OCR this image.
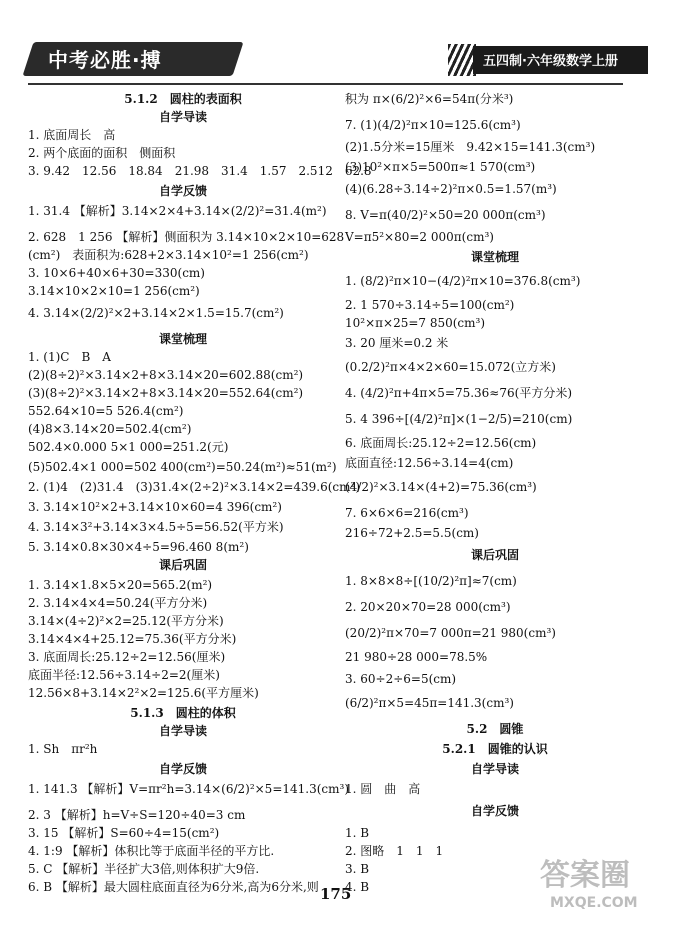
中考必胜·搏	五四制·六年级数学上册
5.1.2　圆柱的表面积
自学导读
1. 底面周长　高
2. 两个底面的面积　侧面积
3. 9.42　12.56　18.84　21.98　31.4　1.57　2.512　62.8
自学反馈
1. 31.4 【解析】3.14×2×4+3.14×(2/2)²=31.4(m²)
2. 628　1 256 【解析】侧面积为 3.14×10×2×10=628
(cm²)　表面积为:628+2×3.14×10²=1 256(cm²)
3. 10×6+40×6+30=330(cm)
3.14×10×2×10=1 256(cm²)
4. 3.14×(2/2)²×2+3.14×2×1.5=15.7(cm²)
课堂梳理
1. (1)C　B　A
(2)(8÷2)²×3.14×2+8×3.14×20=602.88(cm²)
(3)(8÷2)²×3.14×2+8×3.14×20=552.64(cm²)
552.64×10=5 526.4(cm²)
(4)8×3.14×20=502.4(cm²)
502.4×0.000 5×1 000=251.2(元)
(5)502.4×1 000=502 400(cm²)=50.24(m²)≈51(m²)
2. (1)4　(2)31.4　(3)31.4×(2÷2)²×3.14×2=439.6(cm²)
3. 3.14×10²×2+3.14×10×60=4 396(cm²)
4. 3.14×3²+3.14×3×4.5÷5=56.52(平方米)
5. 3.14×0.8×30×4÷5=96.460 8(m²)
课后巩固
1. 3.14×1.8×5×20=565.2(m²)
2. 3.14×4×4=50.24(平方分米)
3.14×(4÷2)²×2=25.12(平方分米)
3.14×4×4+25.12=75.36(平方分米)
3. 底面周长:25.12÷2=12.56(厘米)
底面半径:12.56÷3.14÷2=2(厘米)
12.56×8+3.14×2²×2=125.6(平方厘米)
5.1.3　圆柱的体积
自学导读
1. Sh　πr²h
自学反馈
1. 141.3 【解析】V=πr²h=3.14×(6/2)²×5=141.3(cm³)
2. 3 【解析】h=V÷S=120÷40=3 cm
3. 15 【解析】S=60÷4=15(cm²)
4. 1:9 【解析】体积比等于底面半径的平方比.
5. C 【解析】半径扩大3倍,则体积扩大9倍.
6. B 【解析】最大圆柱底面直径为6分米,高为6分米,则
积为 π×(6/2)²×6=54π(分米³)
7. (1)(4/2)²π×10=125.6(cm³)
(2)1.5分米=15厘米　9.42×15=141.3(cm³)
(3)10²×π×5=500π≈1 570(cm³)
(4)(6.28÷3.14÷2)²π×0.5=1.57(m³)
8. V=π(40/2)²×50=20 000π(cm³)
V=π5²×80=2 000π(cm³)
课堂梳理
1. (8/2)²π×10−(4/2)²π×10=376.8(cm³)
2. 1 570÷3.14÷5=100(cm²)
10²×π×25=7 850(cm³)
3. 20 厘米=0.2 米
(0.2/2)²π×4×2×60=15.072(立方米)
4. (4/2)²π+4π×5=75.36≈76(平方分米)
5. 4 396÷[(4/2)²π]×(1−2/5)=210(cm)
6. 底面周长:25.12÷2=12.56(cm)
底面直径:12.56÷3.14=4(cm)
(4/2)²×3.14×(4+2)=75.36(cm³)
7. 6×6×6=216(cm³)
216÷72+2.5=5.5(cm)
课后巩固
1. 8×8×8÷[(10/2)²π]≈7(cm)
2. 20×20×70=28 000(cm³)
(20/2)²π×70=7 000π=21 980(cm³)
21 980÷28 000=78.5%
3. 60÷2÷6=5(cm)
(6/2)²π×5=45π=141.3(cm³)
5.2　圆锥
5.2.1　圆锥的认识
自学导读
1. 圆　曲　高
自学反馈
1. B
2. 图略　1　1　1
3. B
4. B
175
答案圈
MXQE.COM
